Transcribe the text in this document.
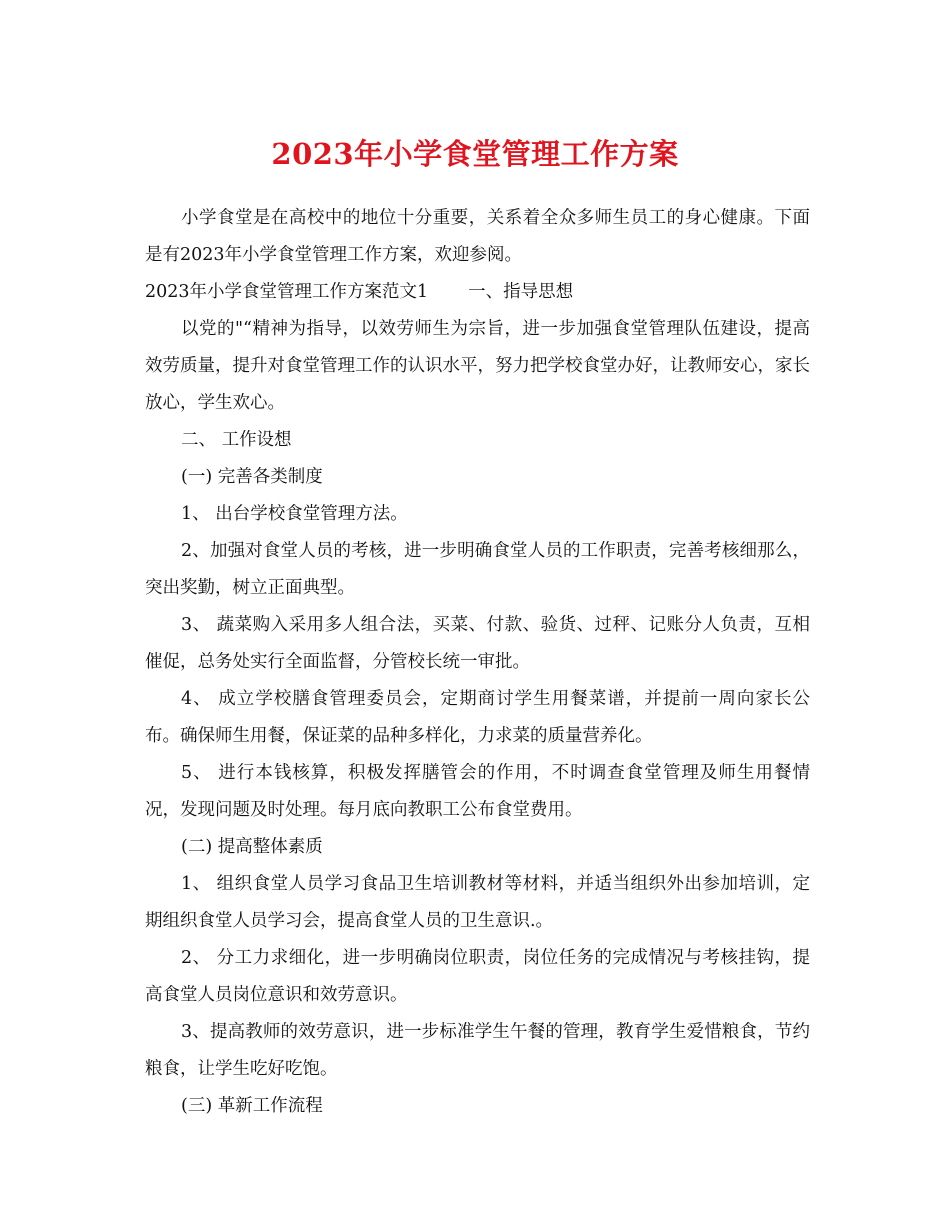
2023年小学食堂管理工作方案

小学食堂是在高校中的地位十分重要，关系着全众多师生员工的身心健康。下面是有2023年小学食堂管理工作方案，欢迎参阅。

2023年小学食堂管理工作方案范文1 一、指导思想

以党的"“精神为指导，以效劳师生为宗旨，进一步加强食堂管理队伍建设，提高效劳质量，提升对食堂管理工作的认识水平，努力把学校食堂办好，让教师安心，家长放心，学生欢心。

二、 工作设想

(一) 完善各类制度

1、 出台学校食堂管理方法。

2、加强对食堂人员的考核，进一步明确食堂人员的工作职责，完善考核细那么，突出奖勤，树立正面典型。

3、 蔬菜购入采用多人组合法，买菜、付款、验货、过秤、记账分人负责，互相催促，总务处实行全面监督，分管校长统一审批。

4、 成立学校膳食管理委员会，定期商讨学生用餐菜谱，并提前一周向家长公布。确保师生用餐，保证菜的品种多样化，力求菜的质量营养化。

5、 进行本钱核算，积极发挥膳管会的作用，不时调查食堂管理及师生用餐情况，发现问题及时处理。每月底向教职工公布食堂费用。

(二) 提高整体素质

1、 组织食堂人员学习食品卫生培训教材等材料，并适当组织外出参加培训，定期组织食堂人员学习会，提高食堂人员的卫生意识.。

2、 分工力求细化，进一步明确岗位职责，岗位任务的完成情况与考核挂钩，提高食堂人员岗位意识和效劳意识。

3、提高教师的效劳意识，进一步标准学生午餐的管理，教育学生爱惜粮食，节约粮食，让学生吃好吃饱。

(三) 革新工作流程
